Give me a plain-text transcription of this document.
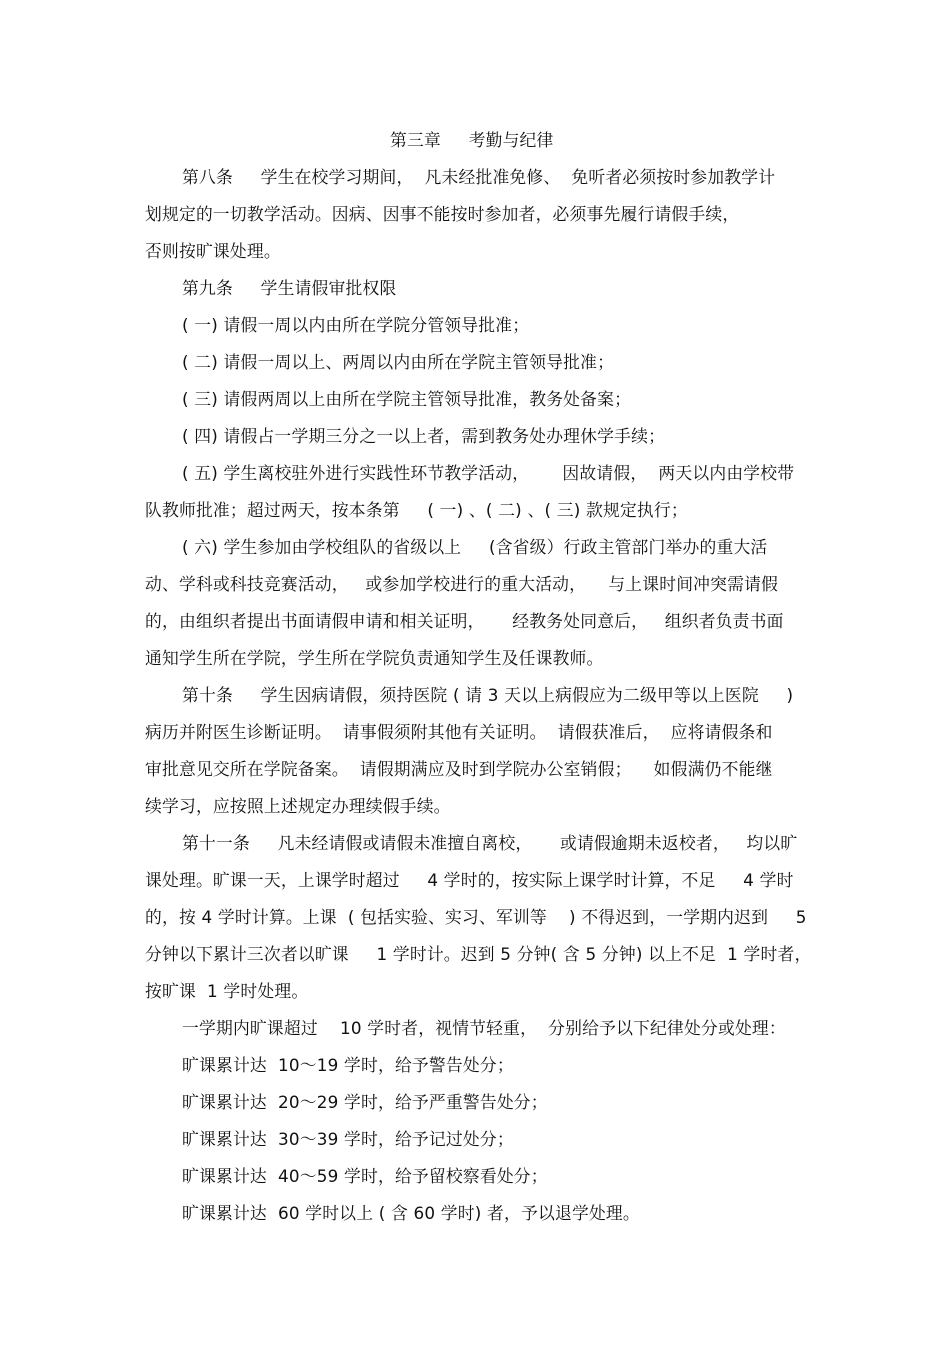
第三章     考勤与纪律
第八条     学生在校学习期间，  凡未经批准免修、  免听者必须按时参加教学计
划规定的一切教学活动。因病、因事不能按时参加者，必须事先履行请假手续，
否则按旷课处理。
第九条     学生请假审批权限
( 一) 请假一周以内由所在学院分管领导批准；
( 二) 请假一周以上、两周以内由所在学院主管领导批准；
( 三) 请假两周以上由所在学院主管领导批准，教务处备案；
( 四) 请假占一学期三分之一以上者，需到教务处办理休学手续；
( 五) 学生离校驻外进行实践性环节教学活动，      因故请假，  两天以内由学校带
队教师批准；超过两天，按本条第     ( 一) 、( 二) 、( 三) 款规定执行；
( 六) 学生参加由学校组队的省级以上     (含省级）行政主管部门举办的重大活
动、学科或科技竞赛活动，   或参加学校进行的重大活动，    与上课时间冲突需请假
的，由组织者提出书面请假申请和相关证明，     经教务处同意后，   组织者负责书面
通知学生所在学院，学生所在学院负责通知学生及任课教师。
第十条     学生因病请假，须持医院 ( 请 3 天以上病假应为二级甲等以上医院     )
病历并附医生诊断证明。  请事假须附其他有关证明。  请假获准后，  应将请假条和
审批意见交所在学院备案。  请假期满应及时到学院办公室销假；    如假满仍不能继
续学习，应按照上述规定办理续假手续。
第十一条     凡未经请假或请假未准擅自离校，     或请假逾期未返校者，   均以旷
课处理。旷课一天，上课学时超过     4 学时的，按实际上课学时计算，不足     4 学时
的，按 4 学时计算。上课  ( 包括实验、实习、军训等    ) 不得迟到，一学期内迟到     5
分钟以下累计三次者以旷课     1 学时计。迟到 5 分钟( 含 5 分钟) 以上不足  1 学时者，
按旷课  1 学时处理。
一学期内旷课超过    10 学时者，视情节轻重，  分别给予以下纪律处分或处理：
旷课累计达  10～19 学时，给予警告处分；
旷课累计达  20～29 学时，给予严重警告处分；
旷课累计达  30～39 学时，给予记过处分；
旷课累计达  40～59 学时，给予留校察看处分；
旷课累计达  60 学时以上 ( 含 60 学时) 者，予以退学处理。
